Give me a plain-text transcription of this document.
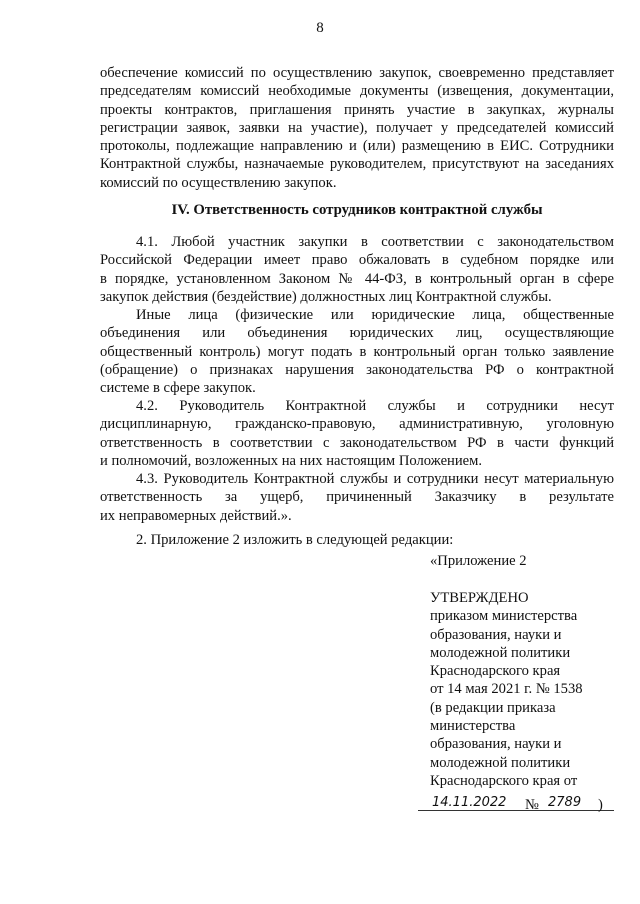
8
обеспечение комиссий по осуществлению закупок, своевременно представляет
председателям комиссий необходимые документы (извещения, документации,
проекты контрактов, приглашения принять участие в закупках, журналы
регистрации заявок, заявки на участие), получает у председателей комиссий
протоколы, подлежащие направлению и (или) размещению в ЕИС. Сотрудники
Контрактной службы, назначаемые руководителем, присутствуют на заседаниях
комиссий по осуществлению закупок.
IV. Ответственность сотрудников контрактной службы
4.1. Любой участник закупки в соответствии с законодательством
Российской Федерации имеет право обжаловать в судебном порядке или
в порядке, установленном Законом № 44-ФЗ, в контрольный орган в сфере
закупок действия (бездействие) должностных лиц Контрактной службы.
Иные лица (физические или юридические лица, общественные
объединения или объединения юридических лиц, осуществляющие
общественный контроль) могут подать в контрольный орган только заявление
(обращение) о признаках нарушения законодательства РФ о контрактной
системе в сфере закупок.
4.2. Руководитель Контрактной службы и сотрудники несут
дисциплинарную, гражданско-правовую, административную, уголовную
ответственность в соответствии с законодательством РФ в части функций
и полномочий, возложенных на них настоящим Положением.
4.3. Руководитель Контрактной службы и сотрудники несут материальную
ответственность за ущерб, причиненный Заказчику в результате
их неправомерных действий.».
2. Приложение 2 изложить в следующей редакции:
«Приложение 2
УТВЕРЖДЕНО
приказом министерства
образования, науки и
молодежной политики
Краснодарского края
от 14 мая 2021 г. № 1538
(в редакции приказа
министерства
образования, науки и
молодежной политики
Краснодарского края от
14.11.2022 № 2789 )
